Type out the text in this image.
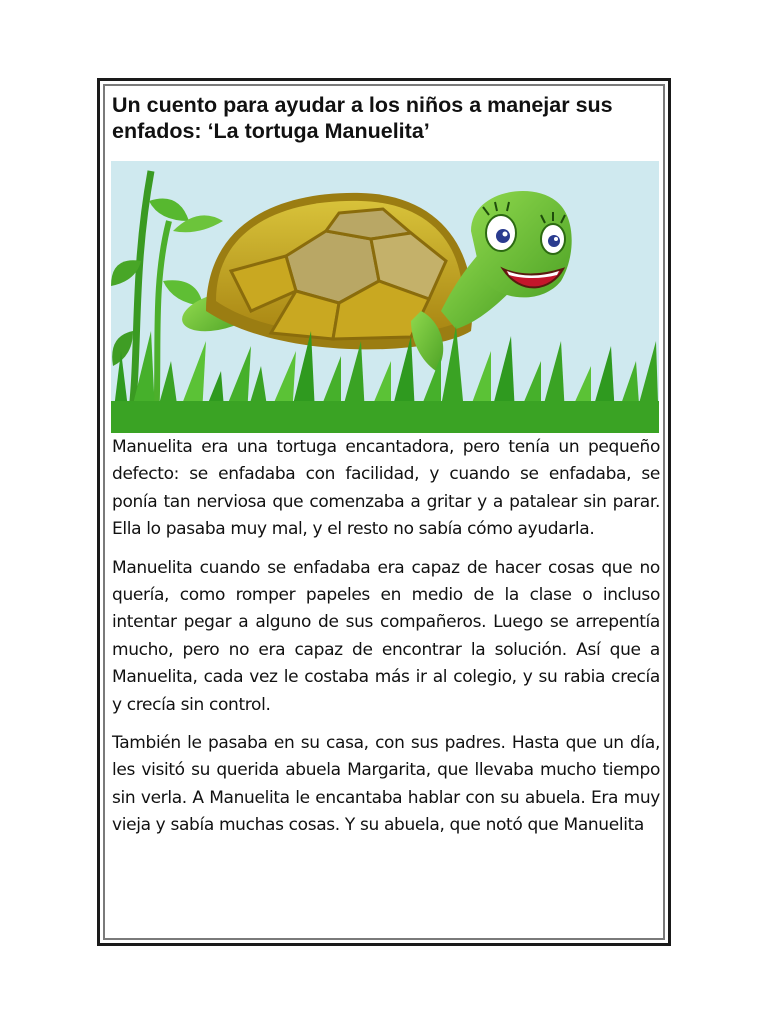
Un cuento para ayudar a los niños a manejar sus enfados: ‘La tortuga Manuelita’

Manuelita era una tortuga encantadora, pero tenía un pequeño defecto: se enfadaba con facilidad, y cuando se enfadaba, se ponía tan nerviosa que comenzaba a gritar y a patalear sin parar. Ella lo pasaba muy mal, y el resto no sabía cómo ayudarla.

Manuelita cuando se enfadaba era capaz de hacer cosas que no quería, como romper papeles en medio de la clase o incluso intentar pegar a alguno de sus compañeros. Luego se arrepentía mucho, pero no era capaz de encontrar la solución. Así que a Manuelita, cada vez le costaba más ir al colegio, y su rabia crecía y crecía sin control.

También le pasaba en su casa, con sus padres. Hasta que un día, les visitó su querida abuela Margarita, que llevaba mucho tiempo sin verla. A Manuelita le encantaba hablar con su abuela. Era muy vieja y sabía muchas cosas. Y su abuela, que notó que Manuelita
